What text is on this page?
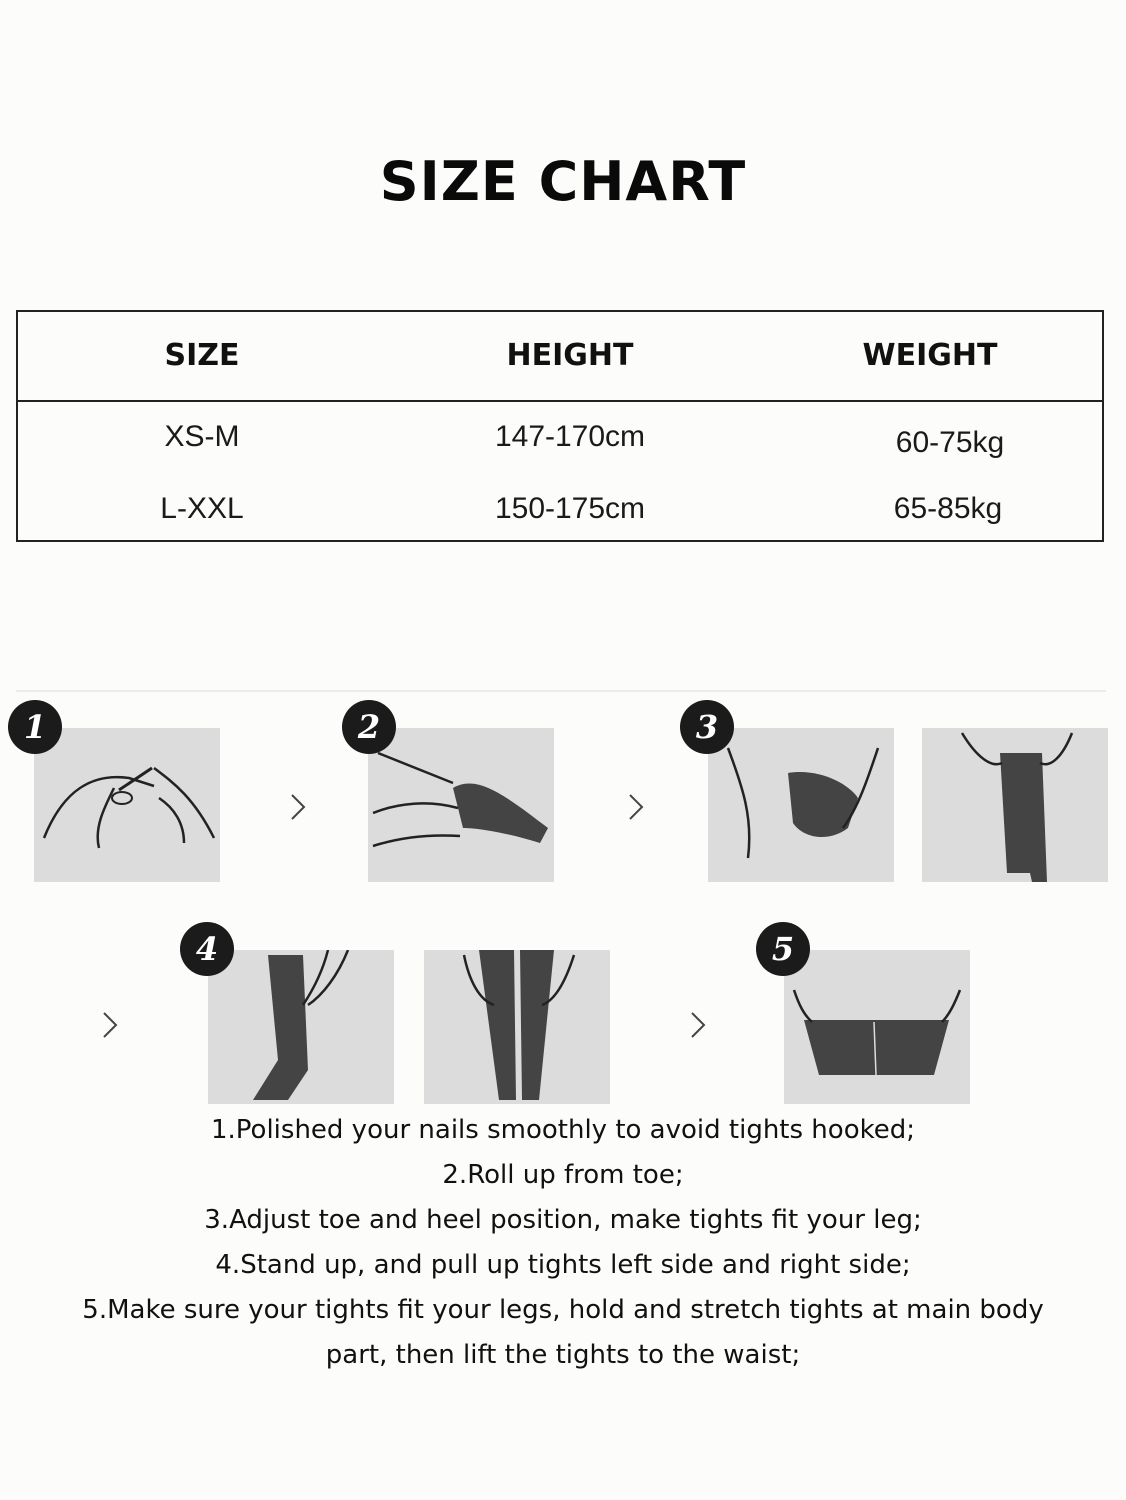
SIZE CHART
SIZE	HEIGHT	WEIGHT
XS-M	147-170cm	60-75kg
L-XXL	150-175cm	65-85kg
1	2	3
4	5
1.Polished your nails smoothly to avoid tights hooked;
2.Roll up from toe;
3.Adjust toe and heel position, make tights fit your leg;
4.Stand up, and pull up tights left side and right side;
5.Make sure your tights fit your legs, hold and stretch tights at main body
part, then lift the tights to the waist;
